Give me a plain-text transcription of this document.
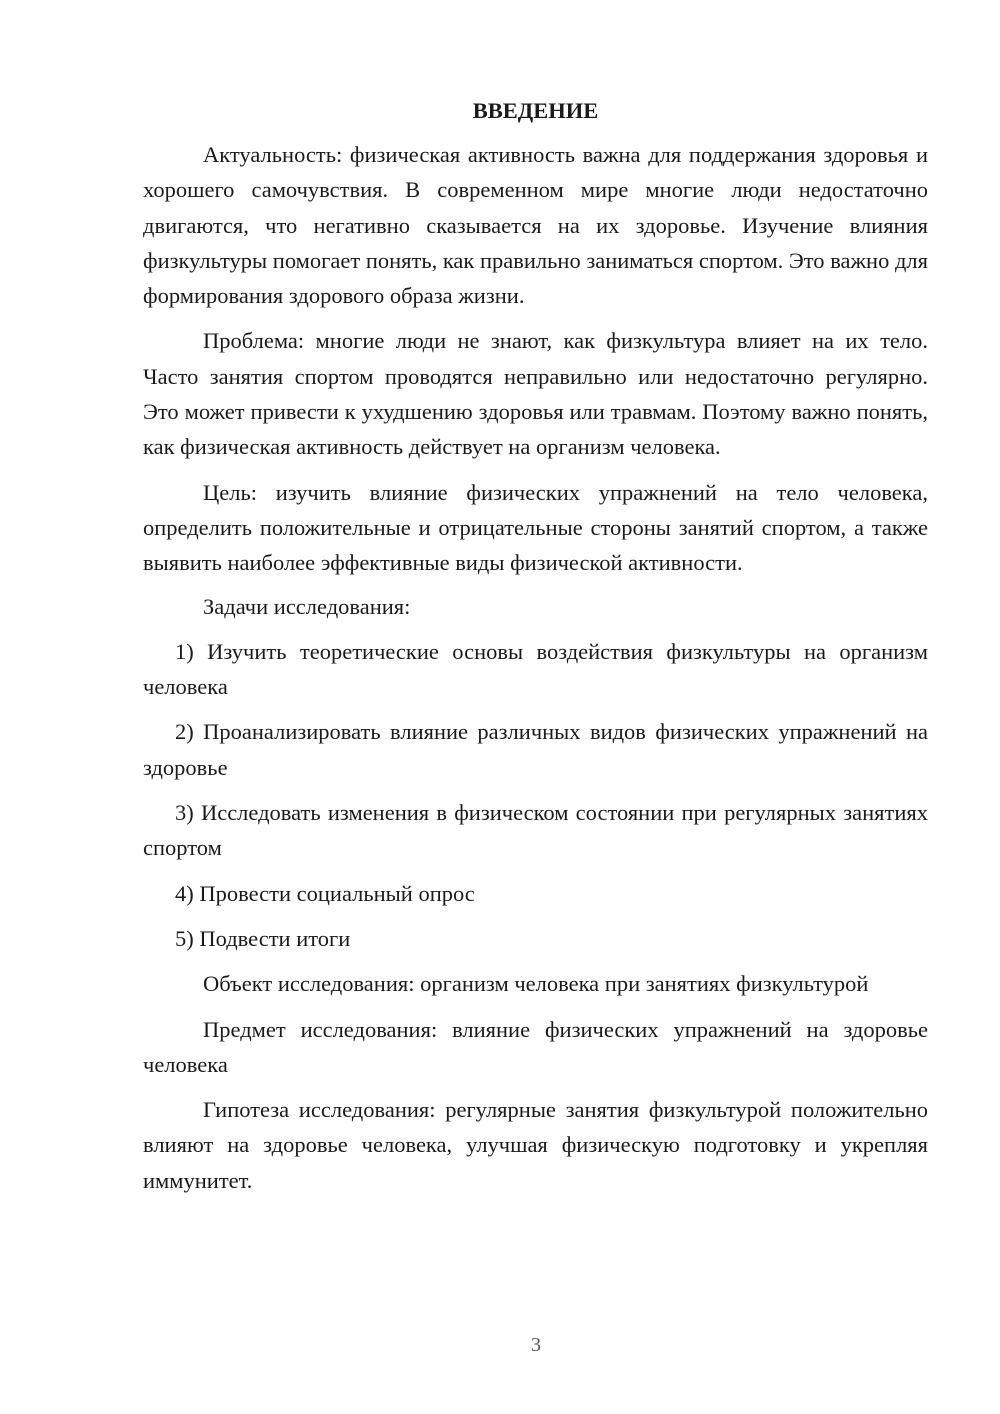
ВВЕДЕНИЕ

Актуальность: физическая активность важна для поддержания здоровья и хорошего самочувствия. В современном мире многие люди недостаточно двигаются, что негативно сказывается на их здоровье. Изучение влияния физкультуры помогает понять, как правильно заниматься спортом. Это важно для формирования здорового образа жизни.

Проблема: многие люди не знают, как физкультура влияет на их тело. Часто занятия спортом проводятся неправильно или недостаточно регулярно. Это может привести к ухудшению здоровья или травмам. Поэтому важно понять, как физическая активность действует на организм человека.

Цель: изучить влияние физических упражнений на тело человека, определить положительные и отрицательные стороны занятий спортом, а также выявить наиболее эффективные виды физической активности.

Задачи исследования:

1) Изучить теоретические основы воздействия физкультуры на организм человека

2) Проанализировать влияние различных видов физических упражнений на здоровье

3) Исследовать изменения в физическом состоянии при регулярных занятиях спортом

4) Провести социальный опрос

5) Подвести итоги

Объект исследования: организм человека при занятиях физкультурой

Предмет исследования: влияние физических упражнений на здоровье человека

Гипотеза исследования: регулярные занятия физкультурой положительно влияют на здоровье человека, улучшая физическую подготовку и укрепляя иммунитет.

3
